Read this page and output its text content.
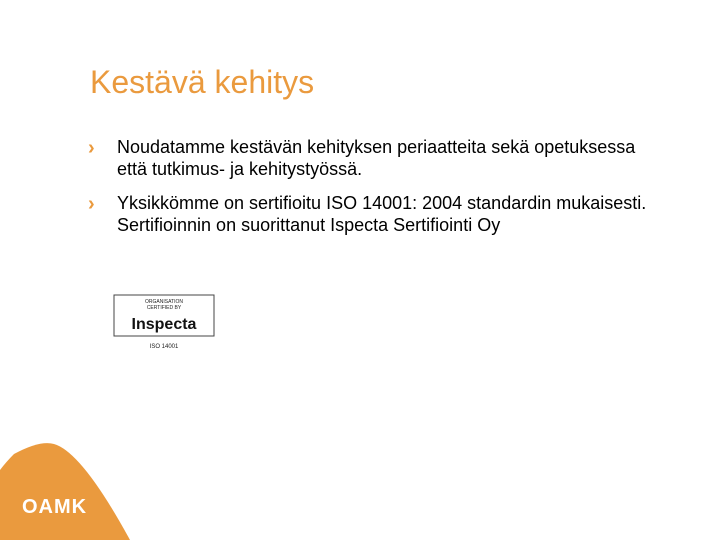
Kestävä kehitys
› Noudatamme kestävän kehityksen periaatteita sekä opetuksessa että tutkimus- ja kehitystyössä.
› Yksikkömme on sertifioitu ISO 14001: 2004 standardin mukaisesti. Sertifioinnin on suorittanut Ispecta Sertifiointi Oy
ORGANISATION
CERTIFIED BY
Inspecta
ISO 14001
OAMK
